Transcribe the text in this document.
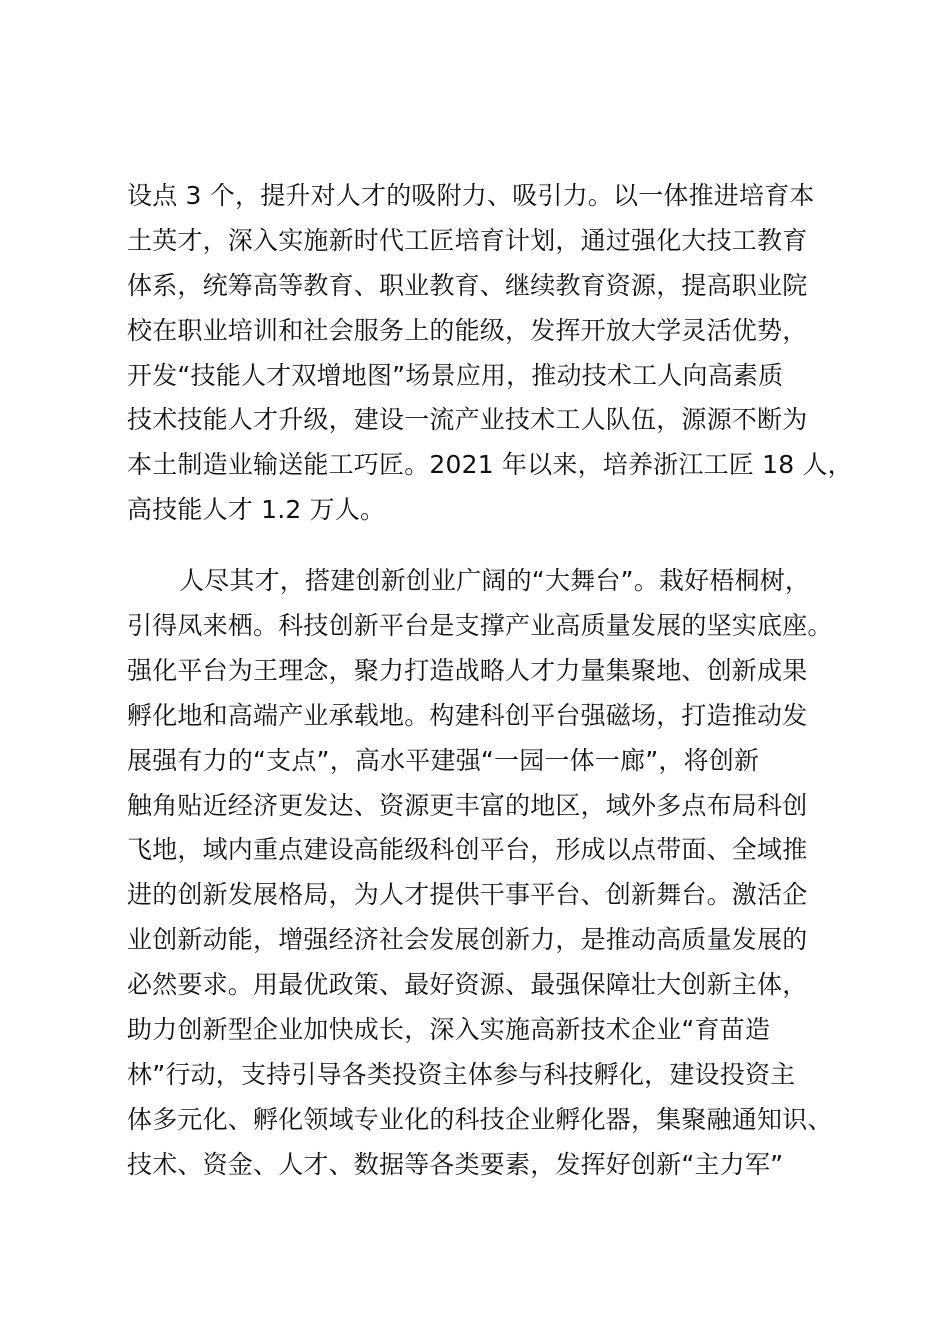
设点 3 个，提升对人才的吸附力、吸引力。以一体推进培育本
土英才，深入实施新时代工匠培育计划，通过强化大技工教育
体系，统筹高等教育、职业教育、继续教育资源，提高职业院
校在职业培训和社会服务上的能级，发挥开放大学灵活优势，
开发“技能人才双增地图”场景应用，推动技术工人向高素质
技术技能人才升级，建设一流产业技术工人队伍，源源不断为
本土制造业输送能工巧匠。2021 年以来，培养浙江工匠 18 人，
高技能人才 1.2 万人。
人尽其才，搭建创新创业广阔的“大舞台”。栽好梧桐树，
引得凤来栖。科技创新平台是支撑产业高质量发展的坚实底座。
强化平台为王理念，聚力打造战略人才力量集聚地、创新成果
孵化地和高端产业承载地。构建科创平台强磁场，打造推动发
展强有力的“支点”，高水平建强“一园一体一廊”，将创新
触角贴近经济更发达、资源更丰富的地区，域外多点布局科创
飞地，域内重点建设高能级科创平台，形成以点带面、全域推
进的创新发展格局，为人才提供干事平台、创新舞台。激活企
业创新动能，增强经济社会发展创新力，是推动高质量发展的
必然要求。用最优政策、最好资源、最强保障壮大创新主体，
助力创新型企业加快成长，深入实施高新技术企业“育苗造
林”行动，支持引导各类投资主体参与科技孵化，建设投资主
体多元化、孵化领域专业化的科技企业孵化器，集聚融通知识、
技术、资金、人才、数据等各类要素，发挥好创新“主力军”
